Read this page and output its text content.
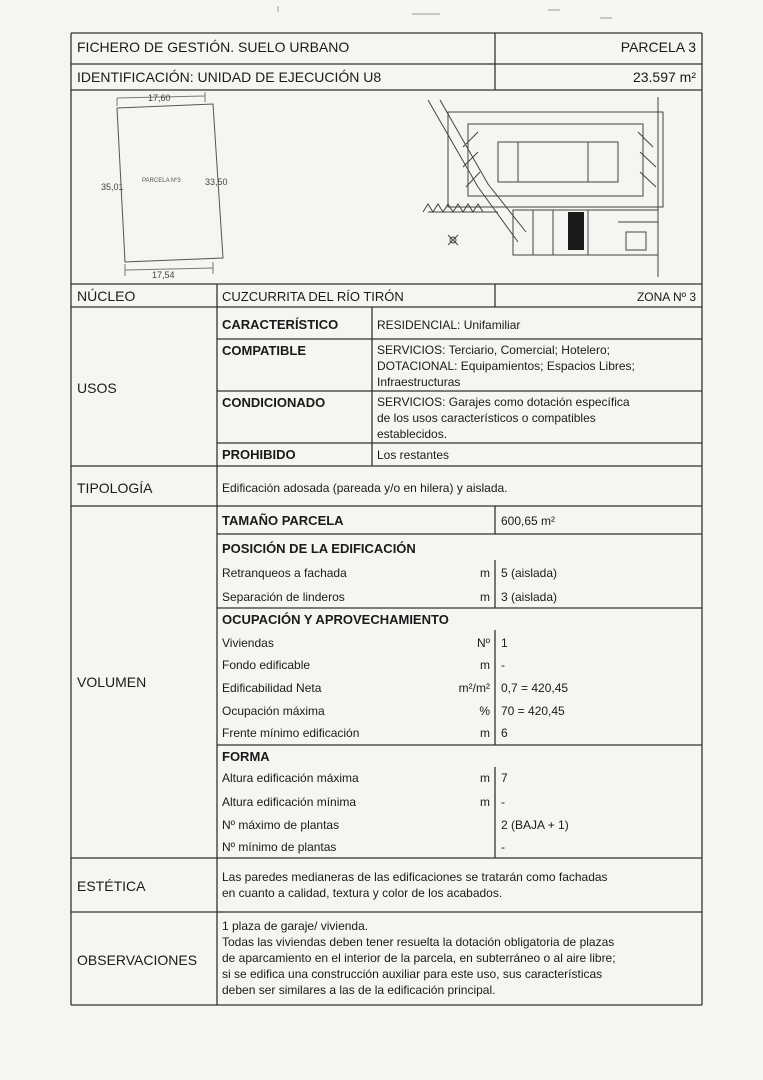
FICHERO DE GESTIÓN. SUELO URBANO	PARCELA 3
IDENTIFICACIÓN: UNIDAD DE EJECUCIÓN U8	23.597 m²
17,60
35,01	33,50
17,54
PARCELA Nº3
NÚCLEO	CUZCURRITA DEL RÍO TIRÓN	ZONA Nº 3
USOS
CARACTERÍSTICO	RESIDENCIAL: Unifamiliar
COMPATIBLE	SERVICIOS: Terciario, Comercial; Hotelero;
DOTACIONAL: Equipamientos; Espacios Libres;
Infraestructuras
CONDICIONADO	SERVICIOS: Garajes como dotación específica
de los usos característicos o compatibles
establecidos.
PROHIBIDO	Los restantes
TIPOLOGÍA	Edificación adosada (pareada y/o en hilera) y aislada.
VOLUMEN
TAMAÑO PARCELA	600,65 m²
POSICIÓN DE LA EDIFICACIÓN
Retranqueos a fachada	m 5 (aislada)
Separación de linderos	m 3 (aislada)
OCUPACIÓN Y APROVECHAMIENTO
Viviendas	Nº 1
Fondo edificable	m -
Edificabilidad Neta	m²/m² 0,7 = 420,45
Ocupación máxima	% 70 = 420,45
Frente mínimo edificación	m 6
FORMA
Altura edificación máxima	m 7
Altura edificación mínima	m -
Nº máximo de plantas	2 (BAJA + 1)
Nº mínimo de plantas	-
ESTÉTICA
Las paredes medianeras de las edificaciones se tratarán como fachadas
en cuanto a calidad, textura y color de los acabados.
OBSERVACIONES
1 plaza de garaje/ vivienda.
Todas las viviendas deben tener resuelta la dotación obligatoria de plazas
de aparcamiento en el interior de la parcela, en subterráneo o al aire libre;
si se edifica una construcción auxiliar para este uso, sus características
deben ser similares a las de la edificación principal.
